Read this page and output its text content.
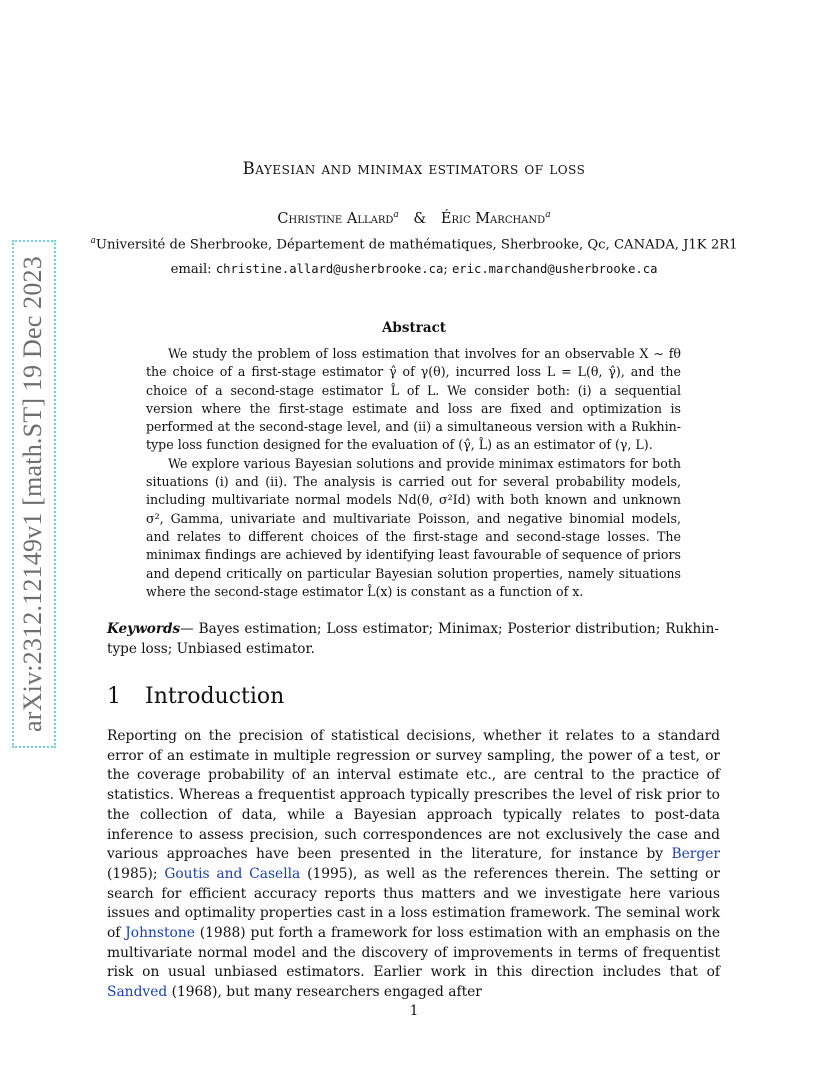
arXiv:2312.12149v1 [math.ST] 19 Dec 2023
Bayesian and minimax estimators of loss
Christine Allard$^a$ & Éric Marchand$^a$
$^a$Université de Sherbrooke, Département de mathématiques, Sherbrooke, Qc, CANADA, J1K 2R1
email: christine.allard@usherbrooke.ca; eric.marchand@usherbrooke.ca
Abstract

We study the problem of loss estimation that involves for an observable X ∼ fθ the choice of a first-stage estimator γ̂ of γ(θ), incurred loss L = L(θ, γ̂), and the choice of a second-stage estimator L̂ of L. We consider both: (i) a sequential version where the first-stage estimate and loss are fixed and optimization is performed at the second-stage level, and (ii) a simultaneous version with a Rukhin-type loss function designed for the evaluation of (γ̂, L̂) as an estimator of (γ, L).

We explore various Bayesian solutions and provide minimax estimators for both situations (i) and (ii). The analysis is carried out for several probability models, including multivariate normal models Nd(θ, σ²Id) with both known and unknown σ², Gamma, univariate and multivariate Poisson, and negative binomial models, and relates to different choices of the first-stage and second-stage losses. The minimax findings are achieved by identifying least favourable of sequence of priors and depend critically on particular Bayesian solution properties, namely situations where the second-stage estimator L̂(x) is constant as a function of x.

Keywords— Bayes estimation; Loss estimator; Minimax; Posterior distribution; Rukhin-type loss; Unbiased estimator.
1 Introduction

Reporting on the precision of statistical decisions, whether it relates to a standard error of an estimate in multiple regression or survey sampling, the power of a test, or the coverage probability of an interval estimate etc., are central to the practice of statistics. Whereas a frequentist approach typically prescribes the level of risk prior to the collection of data, while a Bayesian approach typically relates to post-data inference to assess precision, such correspondences are not exclusively the case and various approaches have been presented in the literature, for instance by Berger (1985); Goutis and Casella (1995), as well as the references therein. The setting or search for efficient accuracy reports thus matters and we investigate here various issues and optimality properties cast in a loss estimation framework. The seminal work of Johnstone (1988) put forth a framework for loss estimation with an emphasis on the multivariate normal model and the discovery of improvements in terms of frequentist risk on usual unbiased estimators. Earlier work in this direction includes that of Sandved (1968), but many researchers engaged after

1
